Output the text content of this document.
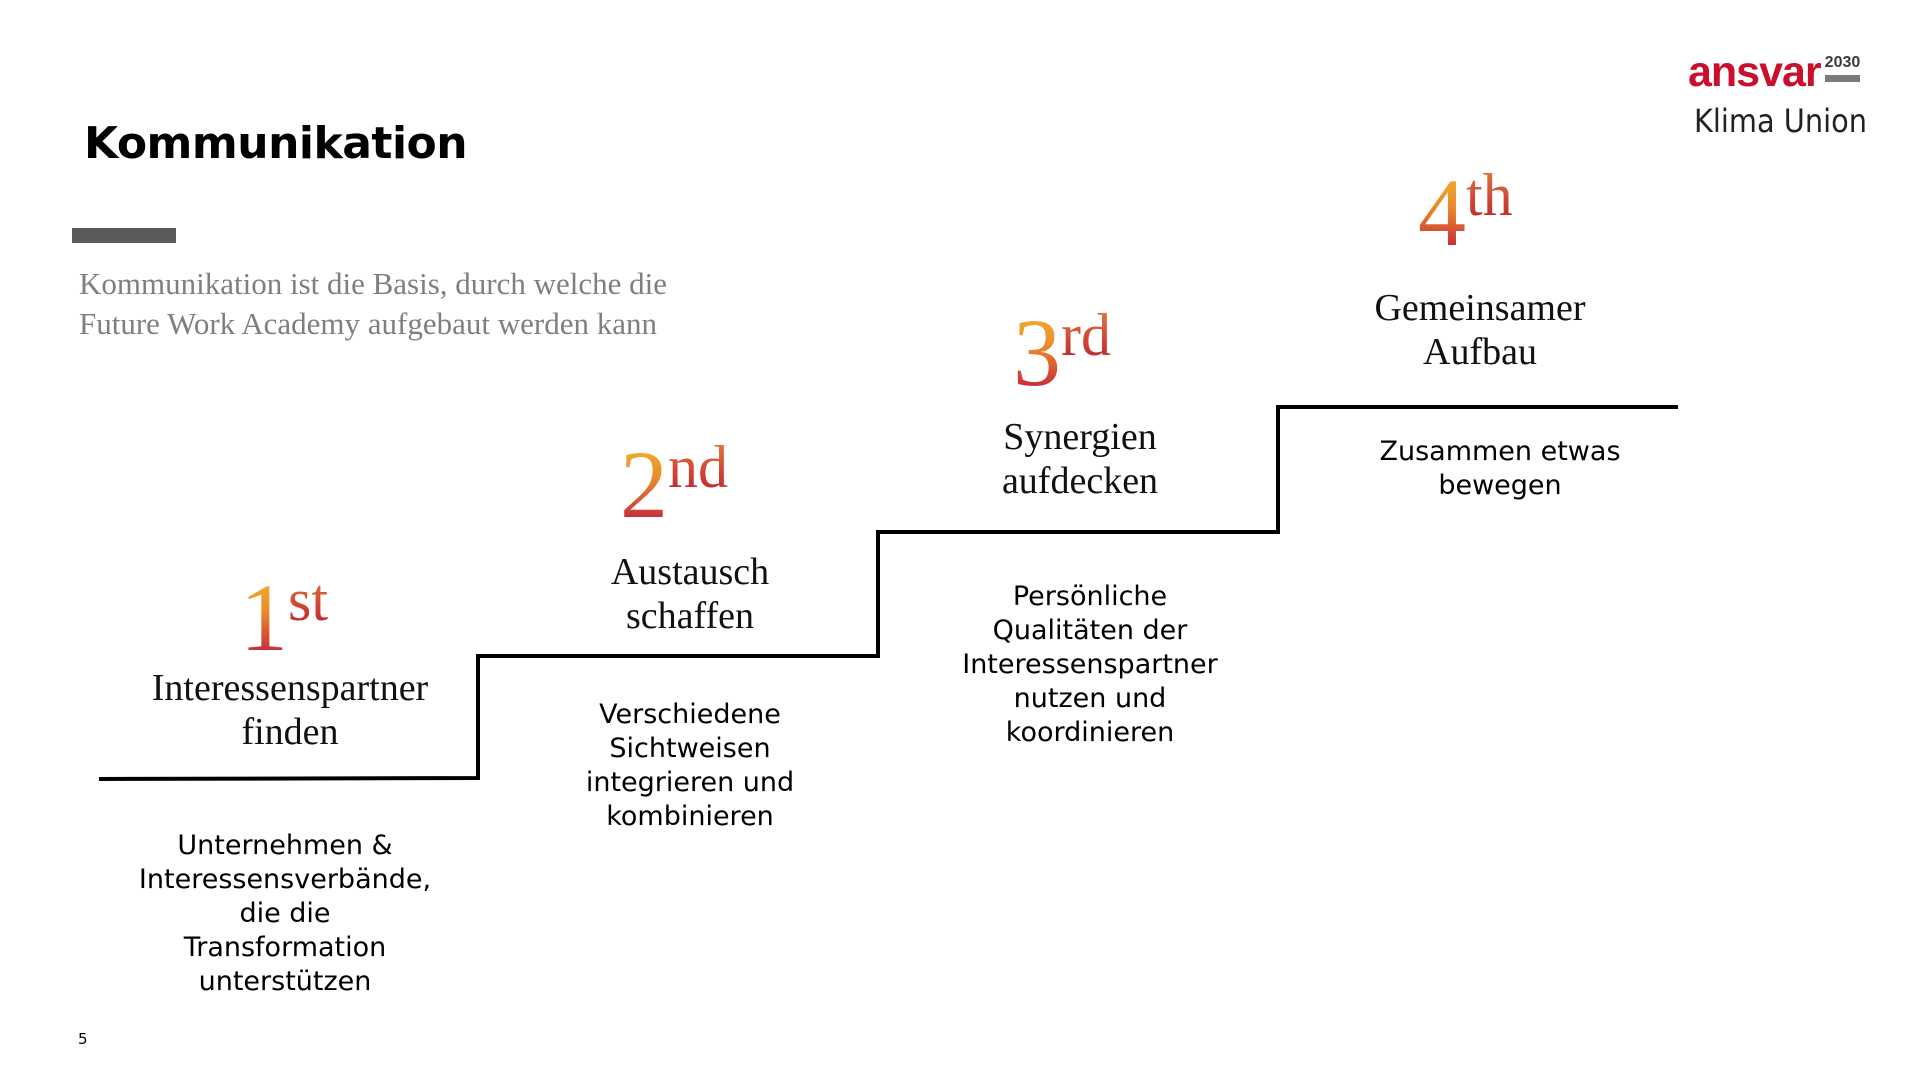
Kommunikation
Kommunikation ist die Basis, durch welche die
Future Work Academy aufgebaut werden kann
ansvar 2030
Klima Union
1st
Interessenspartner
finden
Unternehmen &
Interessensverbände,
die die
Transformation
unterstützen
2nd
Austausch
schaffen
Verschiedene
Sichtweisen
integrieren und
kombinieren
3rd
Synergien
aufdecken
Persönliche
Qualitäten der
Interessenspartner
nutzen und
koordinieren
4th
Gemeinsamer
Aufbau
Zusammen etwas
bewegen
5
